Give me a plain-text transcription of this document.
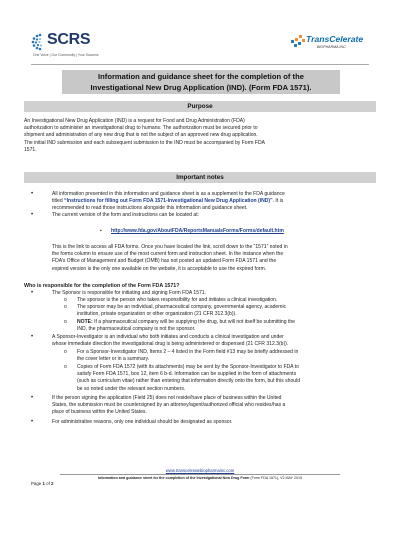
SCRS
One Voice | Our Community | Your Success
TransCelerate
BIOPHARMA INC.
Information and guidance sheet for the completion of the
Investigational New Drug Application (IND). (Form FDA 1571).
Purpose
An Investigational New Drug Application (IND) is a request for Food and Drug Administration (FDA)
authorization to administer an investigational drug to humans. The authorization must be secured prior to
shipment and administration of any new drug that is not the subject of an approved new drug application.
The initial IND submission and each subsequent submission to the IND must be accompanied by Form FDA
1571.
Important notes
•	All information presented in this information and guidance sheet is as a supplement to the FDA guidance
titled “Instructions for filling out Form FDA 1571-Investigational New Drug Application (IND)”. It is
recommended to read those instructions alongside this information and guidance sheet.
•	The current version of the form and instructions can be located at:
▪ http://www.fda.gov/AboutFDA/ReportsManualsForms/Forms/default.htm
This is the link to access all FDA forms. Once you have located the link, scroll down to the “1571” noted in
the forms column to ensure use of the most current form and instruction sheet. In the instance when the
FDA’s Office of Management and Budget (OMB) has not posted an updated Form FDA 1571 and the
expired version is the only one available on the website, it is acceptable to use the expired form.
Who is responsible for the completion of the Form FDA 1571?
•	The Sponsor is responsible for initiating and signing Form FDA 1571.
o The sponsor is the person who takes responsibility for and initiates a clinical investigation.
o The sponsor may be an individual, pharmaceutical company, governmental agency, academic
institution, private organization or other organization (21 CFR 312.3(b)).
o NOTE: If a pharmaceutical company will be supplying the drug, but will not itself be submitting the
IND, the pharmaceutical company is not the sponsor.
•	A Sponsor-Investigator is an individual who both initiates and conducts a clinical investigation and under
whose immediate direction the investigational drug is being administered or dispensed (21 CFR 312.3(b)).
o For a Sponsor-Investigator IND, Items 2 – 4 listed in the Form field #13 may be briefly addressed in
the cover letter or in a summary.
o Copies of Form FDA 1572 (with its attachments) may be sent by the Sponsor-Investigator to FDA to
satisfy Form FDA 1571, box 12, item 6 b-d. Information can be supplied in the form of attachments
(such as curriculum vitae) rather than entering that information directly onto the form, but this should
be so noted under the relevant section numbers.
•	If the person signing the application (Field 25) does not reside/have place of business within the United
States, the submission must be countersigned by an attorney/agent/authorized official who resides/has a
place of business within the United States.
•	For administrative reasons, only one individual should be designated as sponsor.
www.transceleratebiopharmainc.com
Information and guidance sheet for the completion of the Investigational New Drug Form (Form FDA 1571), V2 MAY 2015
Page 1 of 2
